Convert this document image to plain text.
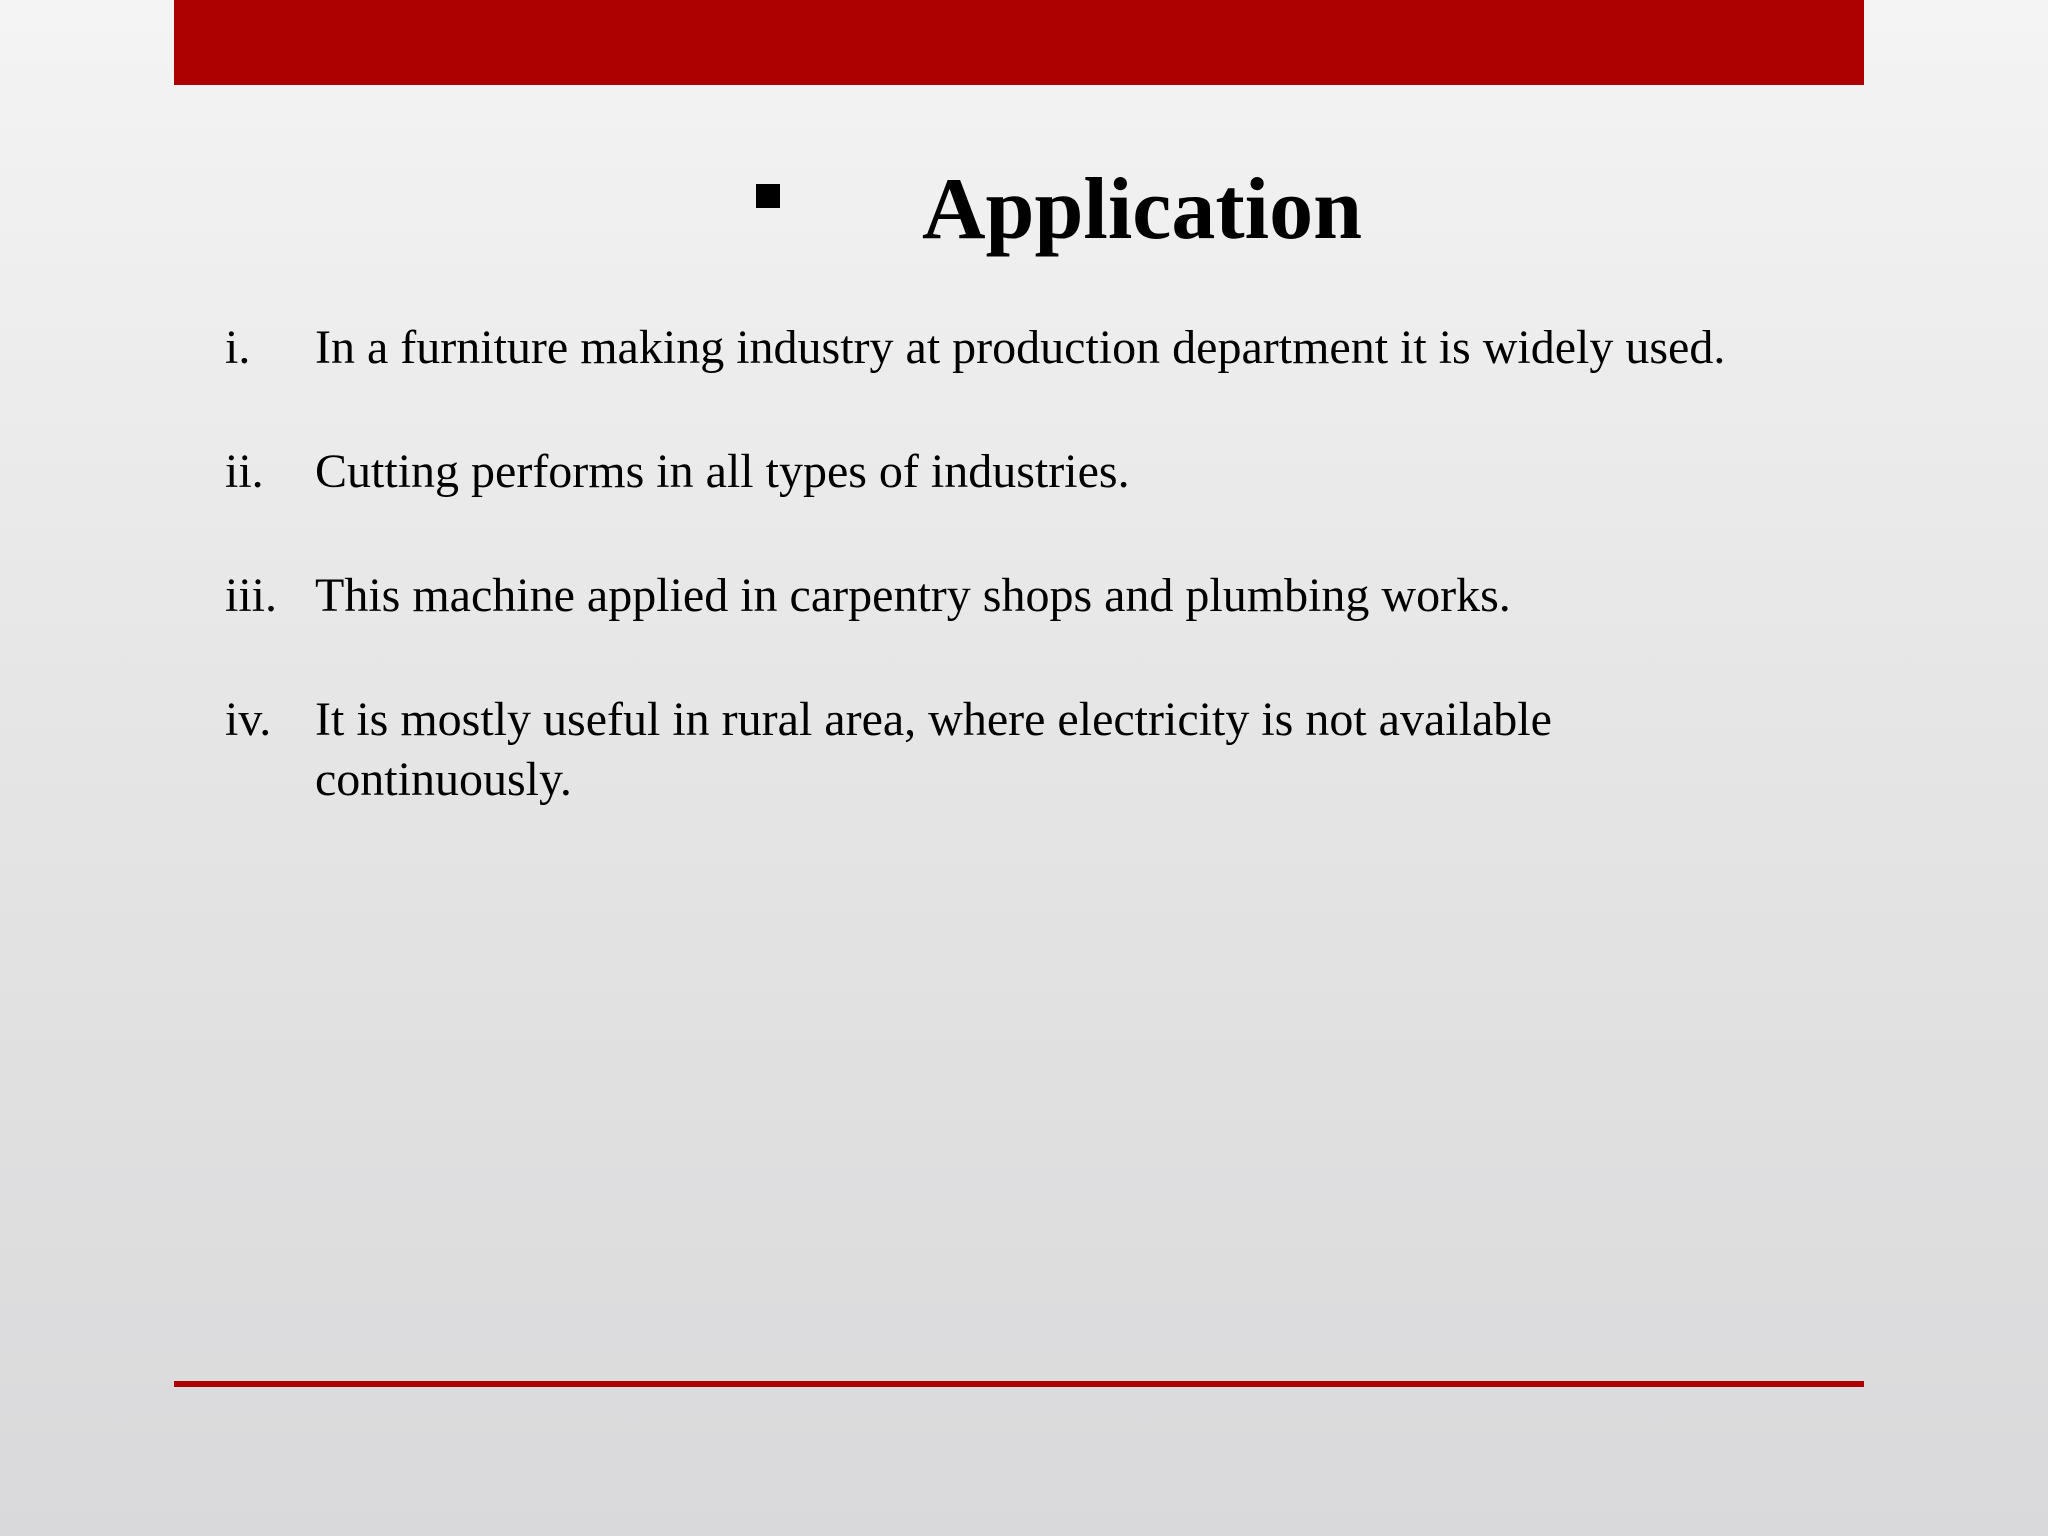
Application
i.	In a furniture making industry at production department it is widely used.
ii.	Cutting performs in all types of industries.
iii. This machine applied in carpentry shops and plumbing works.
iv. It is mostly useful in rural area, where electricity is not available continuously.
